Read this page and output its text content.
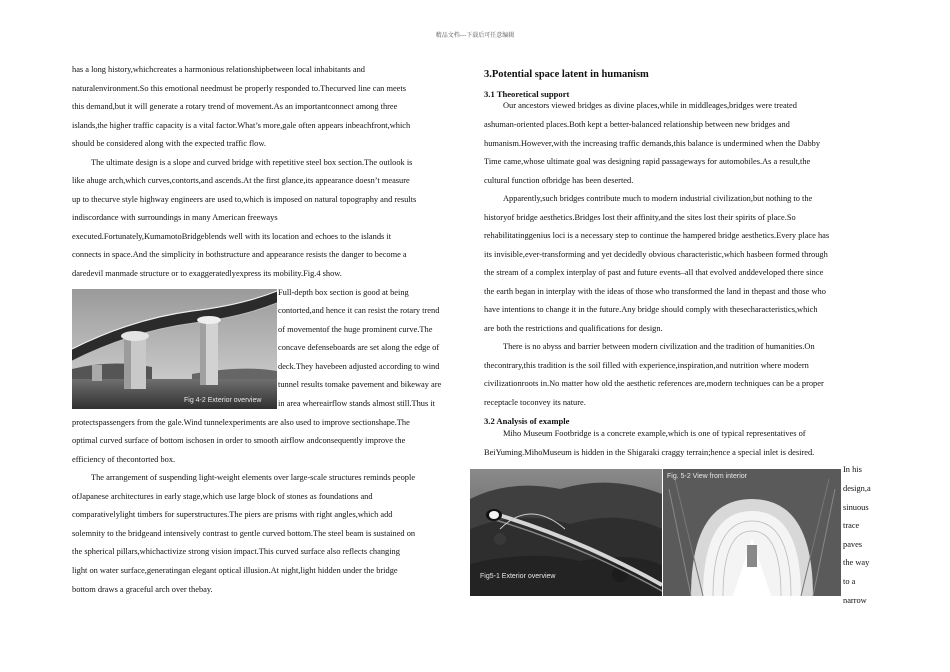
精品文档---下载后可任意编辑
has a long history,whichcreates a harmonious relationshipbetween local inhabitants and
naturalenvironment.So this emotional needmust be properly responded to.Thecurved line can meets
this demand,but it will generate a rotary trend of movement.As an importantconnect among three
islands,the higher traffic capacity is a vital factor.What’s more,gale often appears inbeachfront,which
should be considered along with the expected traffic flow.
The ultimate design is a slope and curved bridge with repetitive steel box section.The outlook is
like ahuge arch,which curves,contorts,and ascends.At the first glance,its appearance doesn’t measure
up to thecurve style highway engineers are used to,which is imposed on natural topography and results
indiscordance with surroundings in many American freeways
executed.Fortunately,KumamotoBridgeblends well with its location and echoes to the islands it
connects in space.And the simplicity in bothstructure and appearance resists the danger to become a
daredevil manmade structure or to exaggeratedlyexpress its mobility.Fig.4 show.
Fig 4-2 Exterior overview
Full-depth box section is good at being
contorted,and hence it can resist the rotary trend
of movementof the huge prominent curve.The
concave defenseboards are set along the edge of
deck.They havebeen adjusted according to wind
tunnel results tomake pavement and bikeway are
in area whereairflow stands almost still.Thus it
protectspassengers from the gale.Wind tunnelexperiments are also used to improve sectionshape.The
optimal curved surface of bottom ischosen in order to smooth airflow andconsequently improve the
efficiency of thecontorted box.
The arrangement of suspending light-weight elements over large-scale structures reminds people
ofJapanese architectures in early stage,which use large block of stones as foundations and
comparativelylight timbers for superstructures.The piers are prisms with right angles,which add
solemnity to the bridgeand intensively contrast to gentle curved bottom.The steel beam is sustained on
the spherical pillars,whichactivize strong vision impact.This curved surface also reflects changing
light on water surface,generatingan elegant optical illusion.At night,light hidden under the bridge
bottom draws a graceful arch over thebay.
3.Potential space latent in humanism
3.1 Theoretical support
Our ancestors viewed bridges as divine places,while in middleages,bridges were treated
ashuman-oriented places.Both kept a better-balanced relationship between new bridges and
humanism.However,with the increasing traffic demands,this balance is undermined when the Dabby
Time came,whose ultimate goal was designing rapid passageways for automobiles.As a result,the
cultural function ofbridge has been deserted.
Apparently,such bridges contribute much to modern industrial civilization,but nothing to the
historyof bridge aesthetics.Bridges lost their affinity,and the sites lost their spirits of place.So
rehabilitatinggenius loci is a necessary step to continue the hampered bridge aesthetics.Every place has
its invisible,ever-transforming and yet decidedly obvious characteristic,which hasbeen formed through
the stream of a complex interplay of past and future events–all that evolved anddeveloped there since
the earth began in interplay with the ideas of those who transformed the land in thepast and those who
have intentions to change it in the future.Any bridge should comply with thesecharacteristics,which
are both the restrictions and qualifications for design.
There is no abyss and barrier between modern civilization and the tradition of humanities.On
thecontrary,this tradition is the soil filled with experience,inspiration,and nutrition where modern
civilizationroots in.No matter how old the aesthetic references are,modern techniques can be a proper
receptacle toconvey its nature.
3.2 Analysis of example
Miho Museum Footbridge is a concrete example,which is one of typical representatives of
BeiYuming.MihoMuseum is hidden in the Shigaraki craggy terrain;hence a special inlet is desired.
Fig5-1 Exterior overview
Fig. 5-2 View from interior
In his
design,a
sinuous
trace
paves
the way
to a
narrow
